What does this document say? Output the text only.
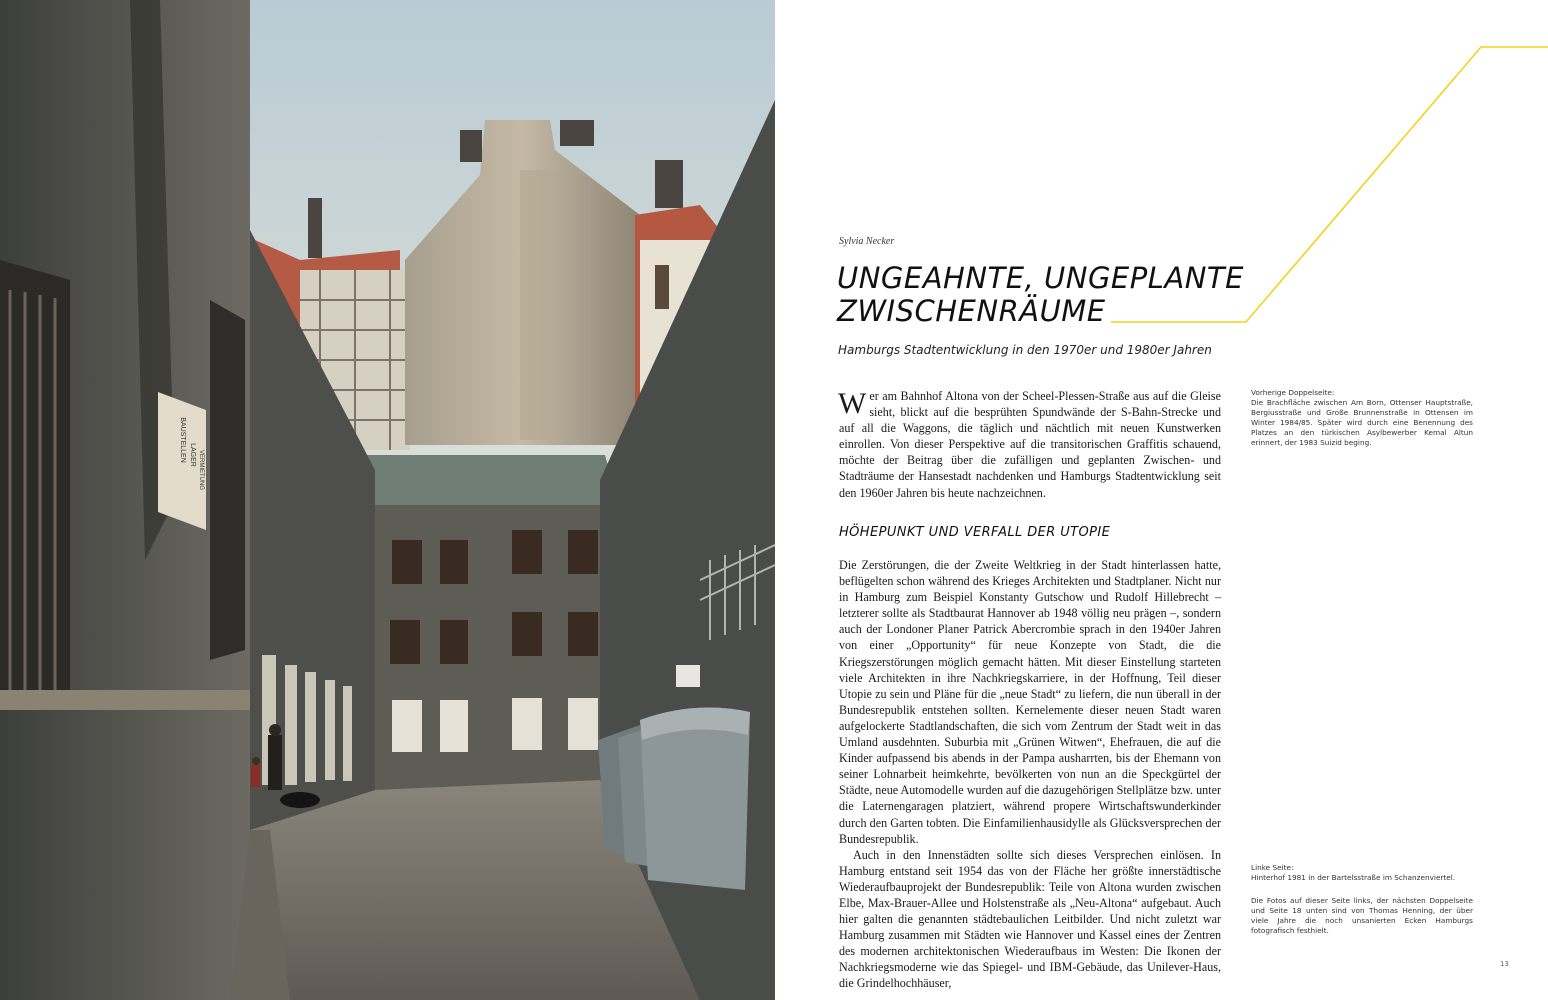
BAUSTELLEN LAGER VERMIETUNG
Sylvia Necker
UNGEAHNTE, UNGEPLANTE
ZWISCHENRÄUME
Hamburgs Stadtentwicklung in den 1970er und 1980er Jahren

Wer am Bahnhof Altona von der Scheel-Plessen-Straße aus auf die Gleise sieht, blickt auf die besprühten Spundwände der S-Bahn-Strecke und auf all die Waggons, die täglich und nächtlich mit neuen Kunstwerken einrollen. Von dieser Perspektive auf die transitorischen Graffitis schauend, möchte der Beitrag über die zufälligen und geplanten Zwischen- und Stadträume der Hansestadt nachdenken und Hamburgs Stadtentwicklung seit den 1960er Jahren bis heute nachzeichnen.

HÖHEPUNKT UND VERFALL DER UTOPIE

Die Zerstörungen, die der Zweite Weltkrieg in der Stadt hinterlassen hatte, beflügelten schon während des Krieges Architekten und Stadtplaner. Nicht nur in Hamburg zum Beispiel Konstanty Gutschow und Rudolf Hillebrecht – letzterer sollte als Stadtbaurat Hannover ab 1948 völlig neu prägen –, sondern auch der Londoner Planer Patrick Abercrombie sprach in den 1940er Jahren von einer „Opportunity“ für neue Konzepte von Stadt, die die Kriegszerstörungen möglich gemacht hätten. Mit dieser Einstellung starteten viele Architekten in ihre Nachkriegskarriere, in der Hoffnung, Teil dieser Utopie zu sein und Pläne für die „neue Stadt“ zu liefern, die nun überall in der Bundesrepublik entstehen sollten. Kernelemente dieser neuen Stadt waren aufgelockerte Stadtlandschaften, die sich vom Zentrum der Stadt weit in das Umland ausdehnten. Suburbia mit „Grünen Witwen“, Ehefrauen, die auf die Kinder aufpassend bis abends in der Pampa ausharrten, bis der Ehemann von seiner Lohnarbeit heimkehrte, bevölkerten von nun an die Speckgürtel der Städte, neue Automodelle wurden auf die dazugehörigen Stellplätze bzw. unter die Laternengaragen platziert, während propere Wirtschaftswunderkinder durch den Garten tobten. Die Einfamilienhausidylle als Glücksversprechen der Bundesrepublik.

Auch in den Innenstädten sollte sich dieses Versprechen einlösen. In Hamburg entstand seit 1954 das von der Fläche her größte innerstädtische Wiederaufbauprojekt der Bundesrepublik: Teile von Altona wurden zwischen Elbe, Max-Brauer-Allee und Holstenstraße als „Neu-Altona“ aufgebaut. Auch hier galten die genannten städtebaulichen Leitbilder. Und nicht zuletzt war Hamburg zusammen mit Städten wie Hannover und Kassel eines der Zentren des modernen architektonischen Wiederaufbaus im Westen: Die Ikonen der Nachkriegsmoderne wie das Spiegel- und IBM-Gebäude, das Unilever-Haus, die Grindelhochhäuser,

Vorherige Doppelseite:

Die Brachfläche zwischen Am Born, Ottenser Hauptstraße, Bergiusstraße und Große Brunnenstraße in Ottensen im Winter 1984/85. Später wird durch eine Benennung des Platzes an den türkischen Asylbewerber Kemal Altun erinnert, der 1983 Suizid beging.

Linke Seite:

Hinterhof 1981 in der Bartelsstraße im Schanzenviertel.

Die Fotos auf dieser Seite links, der nächsten Doppelseite und Seite 18 unten sind von Thomas Henning, der über viele Jahre die noch unsanierten Ecken Hamburgs fotografisch festhielt.

13
